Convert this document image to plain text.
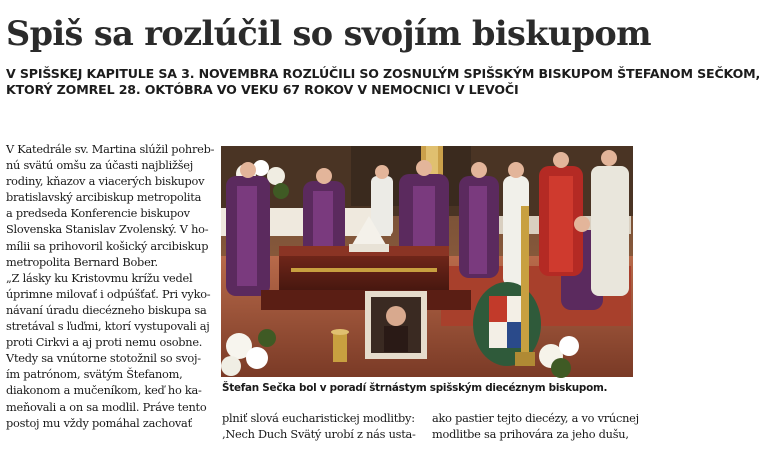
Spiš sa rozlúčil so svojím biskupom
V SPIŠSKEJ KAPITULE SA 3. NOVEMBRA ROZLÚČILI SO ZOSNULÝM SPIŠSKÝM BISKUPOM ŠTEFANOM SEČKOM,
KTORÝ ZOMREL 28. OKTÓBRA VO VEKU 67 ROKOV V NEMOCNICI V LEVOČI
V Katedrále sv. Martina slúžil pohreb-
nú svätú omšu za účasti najbližšej
rodiny, kňazov a viacerých biskupov
bratislavský arcibiskup metropolita
a predseda Konferencie biskupov
Slovenska Stanislav Zvolenský. V ho-
mílii sa prihovoril košický arcibiskup
metropolita Bernard Bober.
„Z lásky ku Kristovmu krížu vedel
úprimne milovať i odpúšťať. Pri vyko-
návaní úradu diecézneho biskupa sa
stretával s ľuďmi, ktorí vystupovali aj
proti Cirkvi a aj proti nemu osobne.
Vtedy sa vnútorne stotožnil so svoj-
ím patrónom, svätým Štefanom,
diakonom a mučeníkom, keď ho ka-
meňovali a on sa modlil. Práve tento
postoj mu vždy pomáhal zachovať
Štefan Sečka bol v poradí štrnástym spišským diecéznym biskupom.
plniť slová eucharistickej modlitby:
‚Nech Duch Svätý urobí z nás usta-
ako pastier tejto diecézy, a vo vrúcnej
modlitbe sa prihovára za jeho dušu,
